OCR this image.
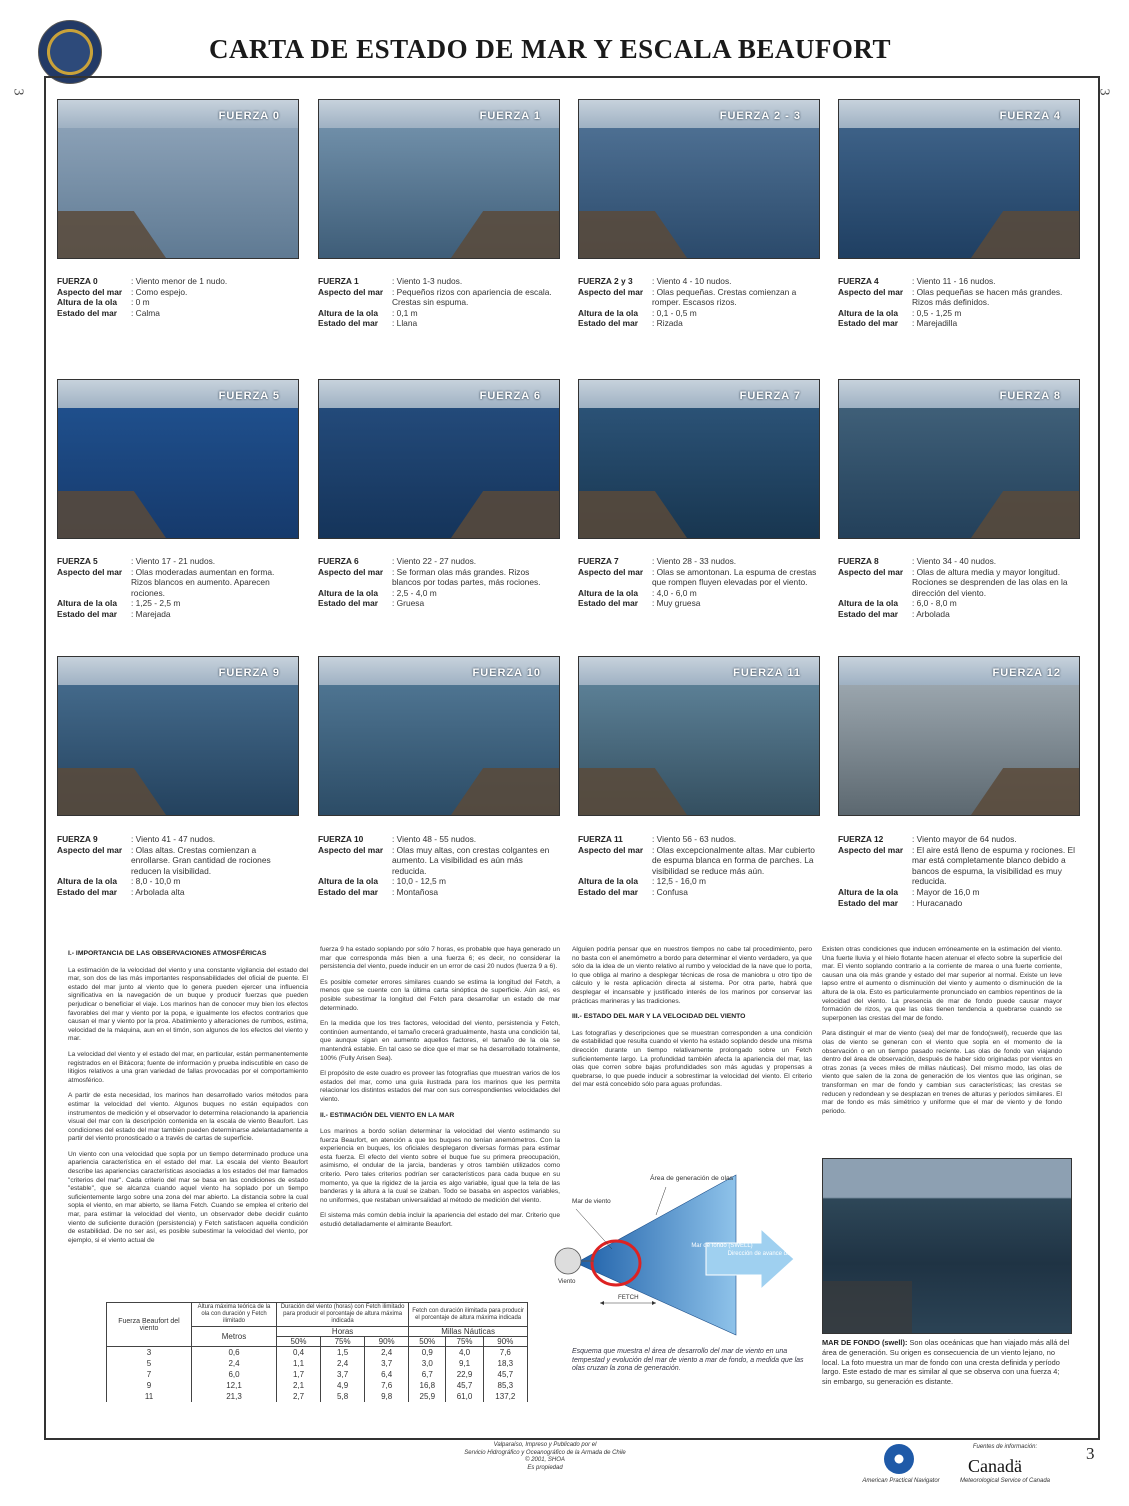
CARTA DE ESTADO DE MAR Y ESCALA BEAUFORT
3	3
FUERZA 0
FUERZA 0	: Viento menor de 1 nudo.
Aspecto del mar	: Como espejo.
Altura de la ola	: 0 m
Estado del mar	: Calma
FUERZA 1
FUERZA 1	: Viento 1-3 nudos.
Aspecto del mar	: Pequeños rizos con apariencia de escala. Crestas sin espuma.
Altura de la ola	: 0,1 m
Estado del mar	: Llana
FUERZA 2 - 3
FUERZA 2 y 3	: Viento 4 - 10 nudos.
Aspecto del mar	: Olas pequeñas. Crestas comienzan a romper. Escasos rizos.
Altura de la ola	: 0,1 - 0,5 m
Estado del mar	: Rizada
FUERZA 4
FUERZA 4	: Viento 11 - 16 nudos.
Aspecto del mar	: Olas pequeñas se hacen más grandes. Rizos más definidos.
Altura de la ola	: 0,5 - 1,25 m
Estado del mar	: Marejadilla
FUERZA 5
FUERZA 5	: Viento 17 - 21 nudos.
Aspecto del mar	: Olas moderadas aumentan en forma. Rizos blancos en aumento. Aparecen rociones.
Altura de la ola	: 1,25 - 2,5 m
Estado del mar	: Marejada
FUERZA 6
FUERZA 6	: Viento 22 - 27 nudos.
Aspecto del mar	: Se forman olas más grandes. Rizos blancos por todas partes, más rociones.
Altura de la ola	: 2,5 - 4,0 m
Estado del mar	: Gruesa
FUERZA 7
FUERZA 7	: Viento 28 - 33 nudos.
Aspecto del mar	: Olas se amontonan. La espuma de crestas que rompen fluyen elevadas por el viento.
Altura de la ola	: 4,0 - 6,0 m
Estado del mar	: Muy gruesa
FUERZA 8
FUERZA 8	: Viento 34 - 40 nudos.
Aspecto del mar	: Olas de altura media y mayor longitud. Rociones se desprenden de las olas en la dirección del viento.
Altura de la ola	: 6,0 - 8,0 m
Estado del mar	: Arbolada
FUERZA 9
FUERZA 9	: Viento 41 - 47 nudos.
Aspecto del mar	: Olas altas. Crestas comienzan a enrollarse. Gran cantidad de rociones reducen la visibilidad.
Altura de la ola	: 8,0 - 10,0 m
Estado del mar	: Arbolada alta
FUERZA 10
FUERZA 10	: Viento 48 - 55 nudos.
Aspecto del mar	: Olas muy altas, con crestas colgantes en aumento. La visibilidad es aún más reducida.
Altura de la ola	: 10,0 - 12,5 m
Estado del mar	: Montañosa
FUERZA 11
FUERZA 11	: Viento 56 - 63 nudos.
Aspecto del mar	: Olas excepcionalmente altas. Mar cubierto de espuma blanca en forma de parches. La visibilidad se reduce más aún.
Altura de la ola	: 12,5 - 16,0 m
Estado del mar	: Confusa
FUERZA 12
FUERZA 12	: Viento mayor de 64 nudos.
Aspecto del mar	: El aire está lleno de espuma y rociones. El mar está completamente blanco debido a bancos de espuma, la visibilidad es muy reducida.
Altura de la ola	: Mayor de 16,0 m
Estado del mar	: Huracanado
I.- IMPORTANCIA DE LAS OBSERVACIONES ATMOSFÉRICAS

La estimación de la velocidad del viento y una constante vigilancia del estado del mar, son dos de las más importantes responsabilidades del oficial de puente. El estado del mar junto al viento que lo genera pueden ejercer una influencia significativa en la navegación de un buque y producir fuerzas que pueden perjudicar o beneficiar el viaje. Los marinos han de conocer muy bien los efectos favorables del mar y viento por la popa, e igualmente los efectos contrarios que causan el mar y viento por la proa. Abatimiento y alteraciones de rumbos, estima, velocidad de la máquina, aun en el timón, son algunos de los efectos del viento y mar.

La velocidad del viento y el estado del mar, en particular, están permanentemente registrados en el Bitácora; fuente de información y prueba indiscutible en caso de litigios relativos a una gran variedad de fallas provocadas por el comportamiento atmosférico.

A partir de esta necesidad, los marinos han desarrollado varios métodos para estimar la velocidad del viento. Algunos buques no están equipados con instrumentos de medición y el observador lo determina relacionando la apariencia visual del mar con la descripción contenida en la escala de viento Beaufort. Las condiciones del estado del mar también pueden determinarse adelantadamente a partir del viento pronosticado o a través de cartas de superficie.

Un viento con una velocidad que sopla por un tiempo determinado produce una apariencia característica en el estado del mar. La escala del viento Beaufort describe las apariencias características asociadas a los estados del mar llamados "criterios del mar". Cada criterio del mar se basa en las condiciones de estado "estable", que se alcanza cuando aquel viento ha soplado por un tiempo suficientemente largo sobre una zona del mar abierto. La distancia sobre la cual sopla el viento, en mar abierto, se llama Fetch. Cuando se emplea el criterio del mar, para estimar la velocidad del viento, un observador debe decidir cuánto viento de suficiente duración (persistencia) y Fetch satisfacen aquella condición de estabilidad. De no ser así, es posible subestimar la velocidad del viento, por ejemplo, si el viento actual de

fuerza 9 ha estado soplando por sólo 7 horas, es probable que haya generado un mar que corresponda más bien a una fuerza 6; es decir, no considerar la persistencia del viento, puede inducir en un error de casi 20 nudos (fuerza 9 a 6).

Es posible cometer errores similares cuando se estima la longitud del Fetch, a menos que se cuente con la última carta sinóptica de superficie. Aún así, es posible subestimar la longitud del Fetch para desarrollar un estado de mar determinado.

En la medida que los tres factores, velocidad del viento, persistencia y Fetch, continúen aumentando, el tamaño crecerá gradualmente, hasta una condición tal, que aunque sigan en aumento aquellos factores, el tamaño de la ola se mantendrá estable. En tal caso se dice que el mar se ha desarrollado totalmente, 100% (Fully Arisen Sea).

El propósito de este cuadro es proveer las fotografías que muestran varios de los estados del mar, como una guía ilustrada para los marinos que les permita relacionar los distintos estados del mar con sus correspondientes velocidades del viento.

II.- ESTIMACIÓN DEL VIENTO EN LA MAR

Los marinos a bordo solían determinar la velocidad del viento estimando su fuerza Beaufort, en atención a que los buques no tenían anemómetros. Con la experiencia en buques, los oficiales desplegaron diversas formas para estimar esta fuerza. El efecto del viento sobre el buque fue su primera preocupación, asimismo, el ondular de la jarcia, banderas y otros también utilizados como criterio. Pero tales criterios podrían ser característicos para cada buque en su momento, ya que la rigidez de la jarcia es algo variable, igual que la tela de las banderas y la altura a la cual se izaban. Todo se basaba en aspectos variables, no uniformes, que restaban universalidad al método de medición del viento.

El sistema más común debía incluir la apariencia del estado del mar. Criterio que estudió detalladamente el almirante Beaufort.

Alguien podría pensar que en nuestros tiempos no cabe tal procedimiento, pero no basta con el anemómetro a bordo para determinar el viento verdadero, ya que sólo da la idea de un viento relativo al rumbo y velocidad de la nave que lo porta, lo que obliga al marino a desplegar técnicas de rosa de maniobra u otro tipo de cálculo y le resta aplicación directa al sistema. Por otra parte, habrá que desplegar el incansable y justificado interés de los marinos por conservar las prácticas marineras y las tradiciones.

III.- ESTADO DEL MAR Y LA VELOCIDAD DEL VIENTO

Las fotografías y descripciones que se muestran corresponden a una condición de estabilidad que resulta cuando el viento ha estado soplando desde una misma dirección durante un tiempo relativamente prolongado sobre un Fetch suficientemente largo. La profundidad también afecta la apariencia del mar, las olas que corren sobre bajas profundidades son más agudas y propensas a quebrarse, lo que puede inducir a sobrestimar la velocidad del viento. El criterio del mar está concebido sólo para aguas profundas.

Existen otras condiciones que inducen erróneamente en la estimación del viento. Una fuerte lluvia y el hielo flotante hacen atenuar el efecto sobre la superficie del mar. El viento soplando contrario a la corriente de marea o una fuerte corriente, causan una ola más grande y estado del mar superior al normal. Existe un leve lapso entre el aumento o disminución del viento y aumento o disminución de la altura de la ola. Esto es particularmente pronunciado en cambios repentinos de la velocidad del viento. La presencia de mar de fondo puede causar mayor formación de rizos, ya que las olas tienen tendencia a quebrarse cuando se superponen las crestas del mar de fondo.

Para distinguir el mar de viento (sea) del mar de fondo(swell), recuerde que las olas de viento se generan con el viento que sopla en el momento de la observación o en un tiempo pasado reciente. Las olas de fondo van viajando dentro del área de observación, después de haber sido originadas por vientos en otras zonas (a veces miles de millas náuticas). Del mismo modo, las olas de viento que salen de la zona de generación de los vientos que las originan, se transforman en mar de fondo y cambian sus características; las crestas se reducen y redondean y se desplazan en trenes de alturas y períodos similares. El mar de fondo es más simétrico y uniforme que el mar de viento y de fondo periodo.

Área de generación de olas
Mar de viento
Mar de fondo (SWELL)
Dirección de avance de la ola
Viento
FETCH
Esquema que muestra el área de desarrollo del mar de viento en una tempestad y evolución del mar de viento a mar de fondo, a medida que las olas cruzan la zona de generación.
MAR DE FONDO (swell): Son olas oceánicas que han viajado más allá del área de generación. Su origen es consecuencia de un viento lejano, no local. La foto muestra un mar de fondo con una cresta definida y período largo. Este estado de mar es similar al que se observa con una fuerza 4; sin embargo, su generación es distante.
Fuerza Beaufort del viento	Altura máxima teórica de la ola con duración y Fetch ilimitado	Duración del viento (horas) con Fetch ilimitado para producir el porcentaje de altura máxima indicada			Fetch con duración ilimitada para producir el porcentaje de altura máxima indicada		
	Metros	Horas			Millas Náuticas		
		50%	75%	90%	50%	75%	90%
3	0,6	0,4	1,5	2,4	0,9	4,0	7,6
5	2,4	1,1	2,4	3,7	3,0	9,1	18,3
7	6,0	1,7	3,7	6,4	6,7	22,9	45,7
9	12,1	2,1	4,9	7,6	16,8	45,7	85,3
11	21,3	2,7	5,8	9,8	25,9	61,0	137,2
Valparaíso, Impreso y Publicado por el
Servicio Hidrográfico y Oceanográfico de la Armada de Chile
© 2001, SHOA
Es propiedad
American Practical Navigator
Fuentes de información:
Canadä
Meteorological Service of Canada
3
